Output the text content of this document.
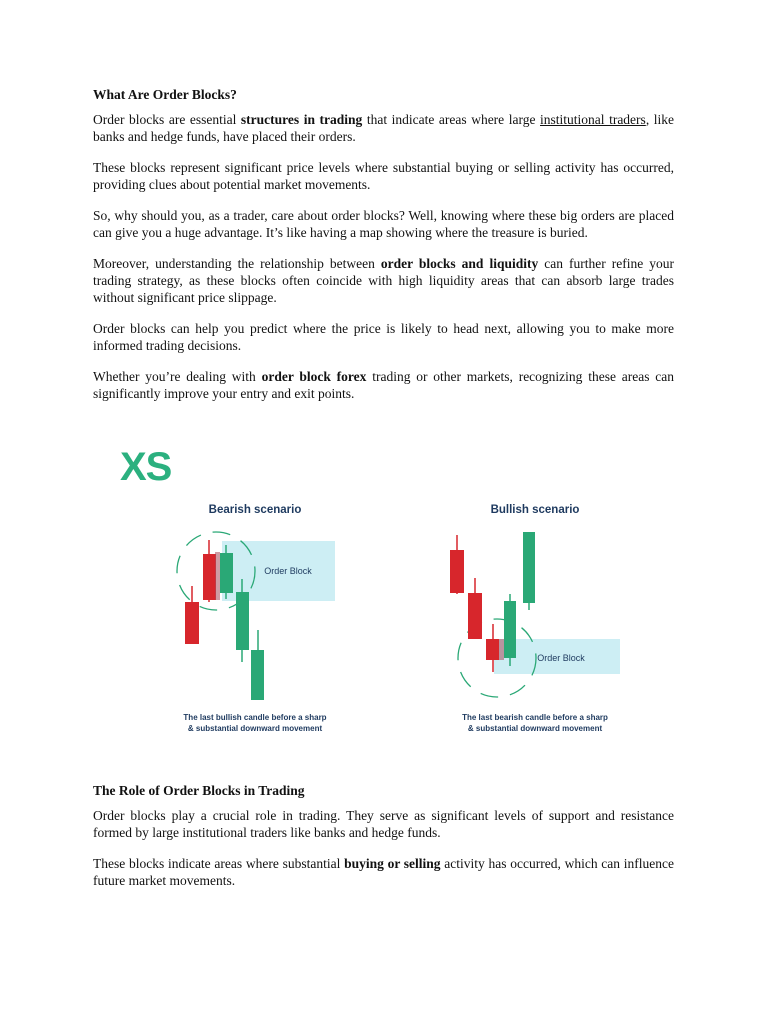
What Are Order Blocks?

Order blocks are essential structures in trading that indicate areas where large institutional traders, like banks and hedge funds, have placed their orders.

These blocks represent significant price levels where substantial buying or selling activity has occurred, providing clues about potential market movements.

So, why should you, as a trader, care about order blocks? Well, knowing where these big orders are placed can give you a huge advantage. It’s like having a map showing where the treasure is buried.

Moreover, understanding the relationship between order blocks and liquidity can further refine your trading strategy, as these blocks often coincide with high liquidity areas that can absorb large trades without significant price slippage.

Order blocks can help you predict where the price is likely to head next, allowing you to make more informed trading decisions.

Whether you’re dealing with order block forex trading or other markets, recognizing these areas can significantly improve your entry and exit points.

XS
Bearish scenario
Order Block
The last bullish candle before a sharp
& substantial downward movement
Bullish scenario
Order Block
The last bearish candle before a sharp
& substantial downward movement
The Role of Order Blocks in Trading

Order blocks play a crucial role in trading. They serve as significant levels of support and resistance formed by large institutional traders like banks and hedge funds.

These blocks indicate areas where substantial buying or selling activity has occurred, which can influence future market movements.
